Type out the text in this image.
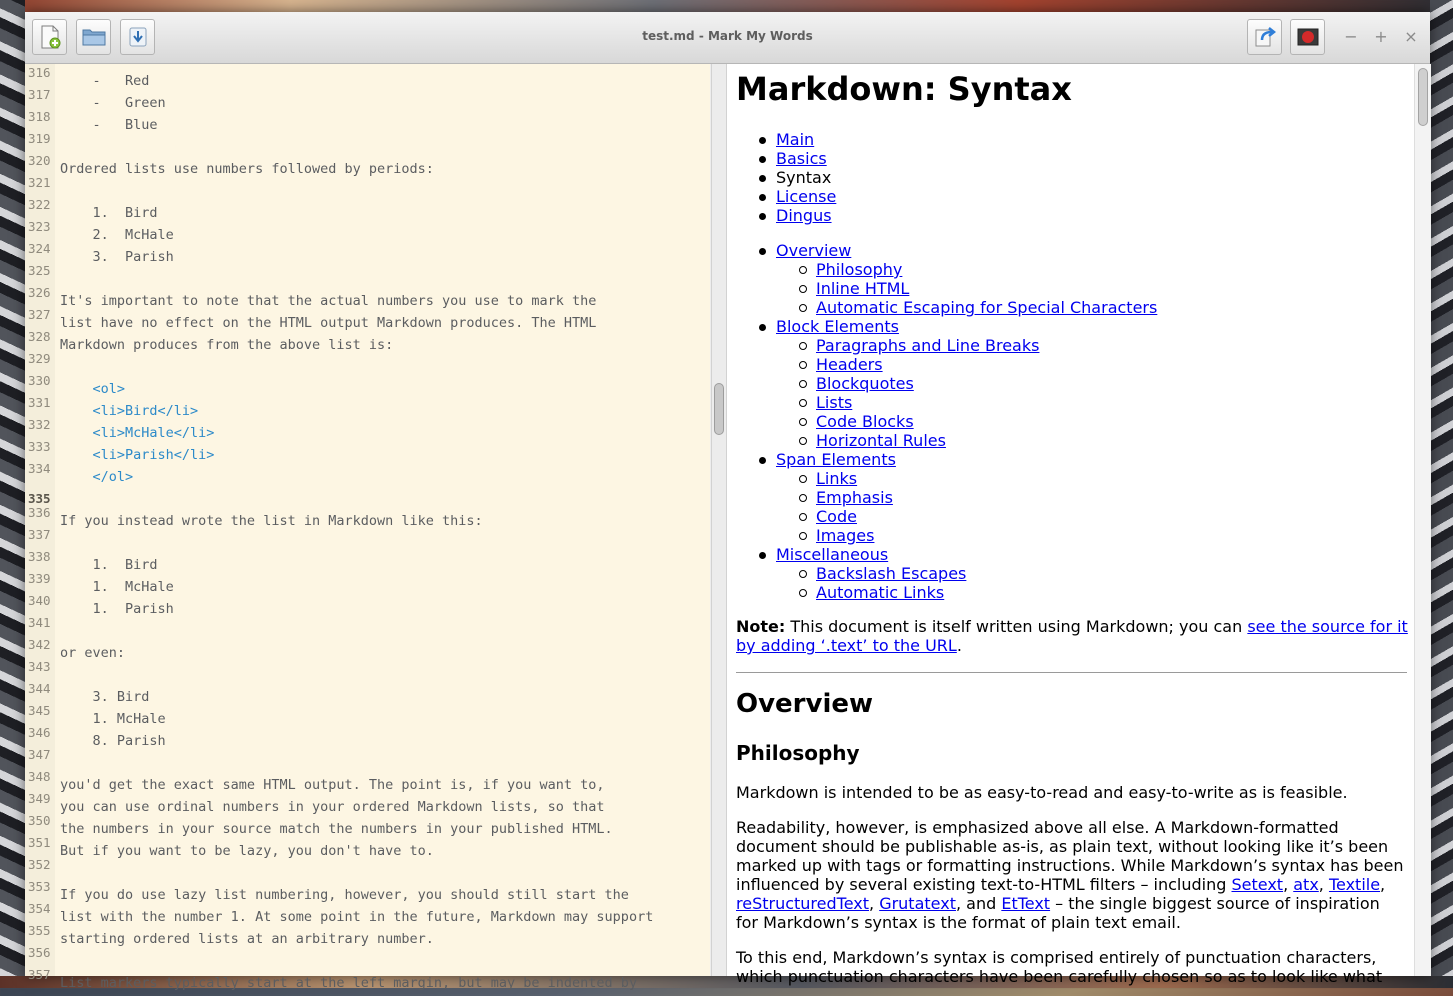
test.md - Mark My Words	− + ×
316
-   Red
317
-   Green
318
-   Blue
319
320
Ordered lists use numbers followed by periods:
321
322
1.  Bird
323
2.  McHale
324
3.  Parish
325
326
It's important to note that the actual numbers you use to mark the
327
list have no effect on the HTML output Markdown produces. The HTML
328
Markdown produces from the above list is:
329
330
<ol>
331
<li>Bird</li>
332
<li>McHale</li>
333
<li>Parish</li>
334
</ol>
335
336
If you instead wrote the list in Markdown like this:
337
338
1.  Bird
339
1.  McHale
340
1.  Parish
341
342
or even:
343
344
3. Bird
345
1. McHale
346
8. Parish
347
348
you'd get the exact same HTML output. The point is, if you want to,
349
you can use ordinal numbers in your ordered Markdown lists, so that
350
the numbers in your source match the numbers in your published HTML.
351
But if you want to be lazy, you don't have to.
352
353
If you do use lazy list numbering, however, you should still start the
354
list with the number 1. At some point in the future, Markdown may support
355
starting ordered lists at an arbitrary number.
356
357
List markers typically start at the left margin, but may be indented by
Markdown: Syntax
Main
Basics
Syntax
License
Dingus
Overview
Philosophy
Inline HTML
Automatic Escaping for Special Characters
Block Elements
Paragraphs and Line Breaks
Headers
Blockquotes
Lists
Code Blocks
Horizontal Rules
Span Elements
Links
Emphasis
Code
Images
Miscellaneous
Backslash Escapes
Automatic Links
Note: This document is itself written using Markdown; you can see the source for it
by adding ‘.text’ to the URL.
Overview
Philosophy
Markdown is intended to be as easy-to-read and easy-to-write as is feasible.
Readability, however, is emphasized above all else. A Markdown-formatted
document should be publishable as-is, as plain text, without looking like it’s been
marked up with tags or formatting instructions. While Markdown’s syntax has been
influenced by several existing text-to-HTML filters – including Setext, atx, Textile,
reStructuredText, Grutatext, and EtText – the single biggest source of inspiration
for Markdown’s syntax is the format of plain text email.
To this end, Markdown’s syntax is comprised entirely of punctuation characters,
which punctuation characters have been carefully chosen so as to look like what
